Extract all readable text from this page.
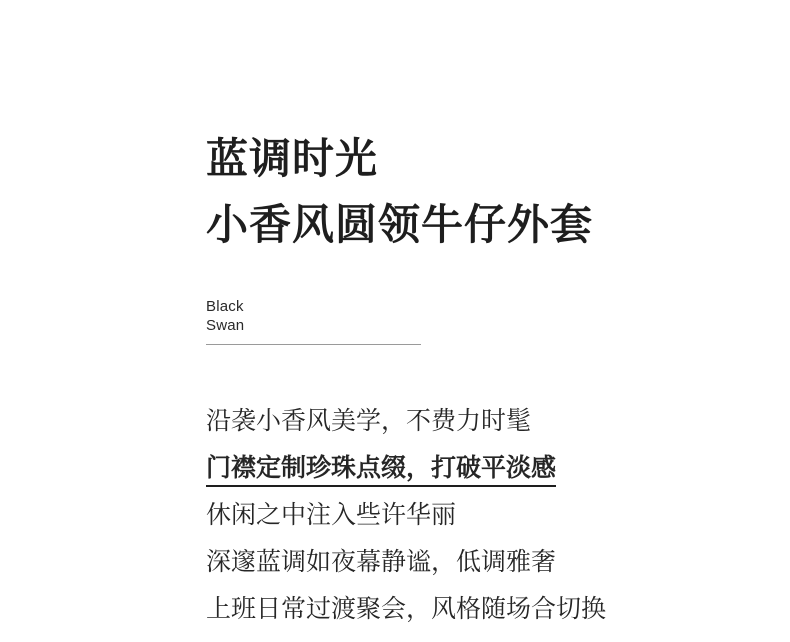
蓝调时光
小香风圆领牛仔外套
Black
Swan
沿袭小香风美学，不费力时髦
门襟定制珍珠点缀，打破平淡感
休闲之中注入些许华丽
深邃蓝调如夜幕静谧，低调雅奢
上班日常过渡聚会，风格随场合切换
